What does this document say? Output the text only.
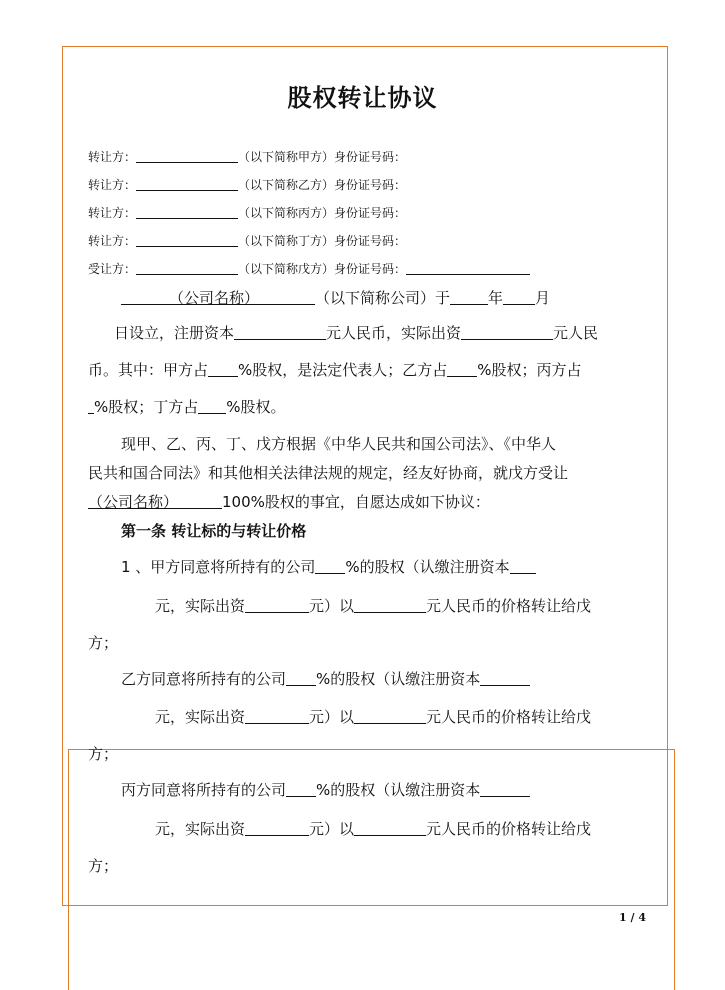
股权转让协议
转让方：	（以下简称甲方）身份证号码：
转让方：	（以下简称乙方）身份证号码：
转让方：	（以下简称丙方）身份证号码：
转让方：	（以下简称丁方）身份证号码：
受让方：	（以下简称戊方）身份证号码：
（公司名称）	（以下简称公司）于	年 月
日设立，注册资本	元人民币，实际出资	元人民
币。其中：甲方占 %股权，是法定代表人；乙方占 %股权；丙方占
%股权；丁方占 %股权。
现甲、乙、丙、丁、戊方根据《中华人民共和国公司法》、《中华人
民共和国合同法》和其他相关法律法规的规定，经友好协商，就戊方受让
（公司名称）	100%股权的事宜，自愿达成如下协议：
第一条 转让标的与转让价格
1 、甲方同意将所持有的公司 %的股权（认缴注册资本
元，实际出资	元）以	元人民币的价格转让给戊
方；
乙方同意将所持有的公司 %的股权（认缴注册资本
元，实际出资	元）以	元人民币的价格转让给戊
方；
丙方同意将所持有的公司 %的股权（认缴注册资本
元，实际出资	元）以	元人民币的价格转让给戊
方；
1 / 4
